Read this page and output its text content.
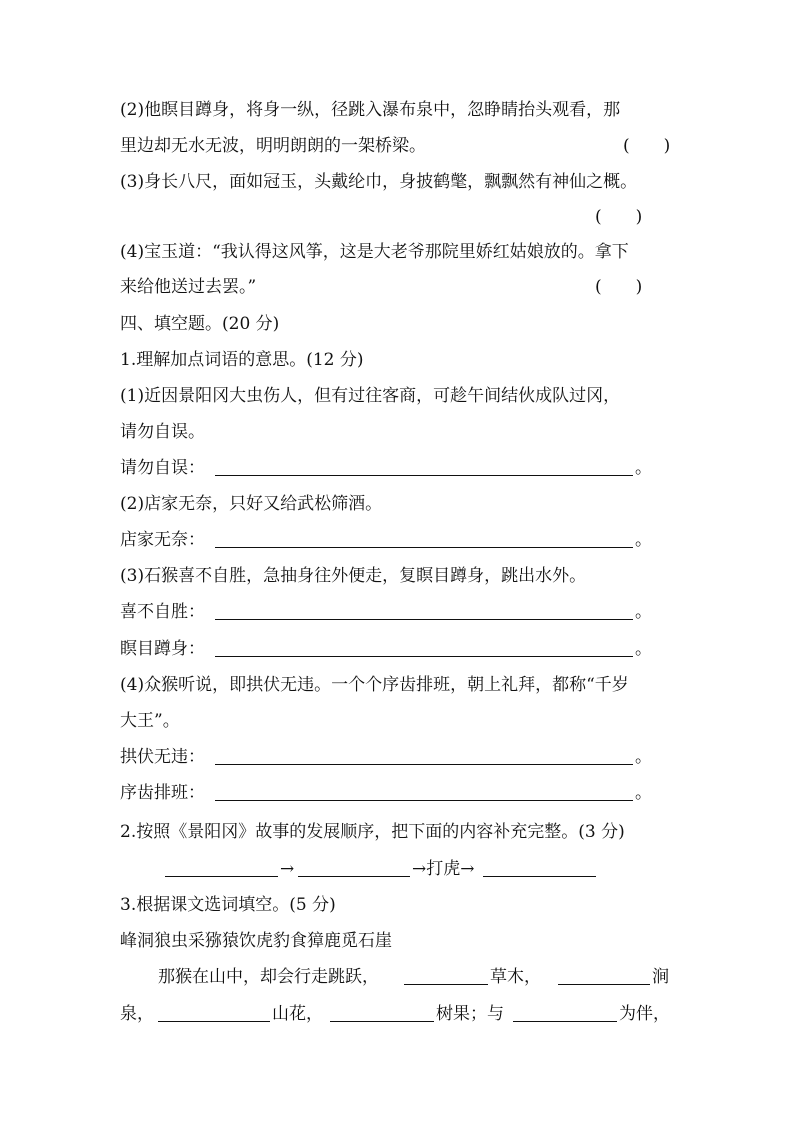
(2)他瞑目蹲身，将身一纵，径跳入瀑布泉中，忽睁睛抬头观看，那
里边却无水无波，明明朗朗的一架桥梁。	(　　)
(3)身长八尺，面如冠玉，头戴纶巾，身披鹤氅，飘飘然有神仙之概。
(　　)
(4)宝玉道：“我认得这风筝，这是大老爷那院里娇红姑娘放的。拿下
来给他送过去罢。”	(　　)
四、填空题。(20 分)
1.理解加点词语的意思。(12 分)
(1)近因景阳冈大虫伤人，但有过往客商，可趁午间结伙成队过冈，
请勿自误。
请勿自误：	。
(2)店家无奈，只好又给武松筛酒。
店家无奈：	。
(3)石猴喜不自胜，急抽身往外便走，复瞑目蹲身，跳出水外。
喜不自胜：	。
瞑目蹲身：	。
(4)众猴听说，即拱伏无违。一个个序齿排班，朝上礼拜，都称“千岁
大王”。
拱伏无违：	。
序齿排班：	。
2.按照《景阳冈》故事的发展顺序，把下面的内容补充完整。(3 分)
→	→打虎→
3.根据课文选词填空。(5 分)
峰洞狼虫采猕猿饮虎豹食獐鹿觅石崖
那猴在山中，却会行走跳跃，	草木，	涧
泉，	山花，	树果；与	为伴，
